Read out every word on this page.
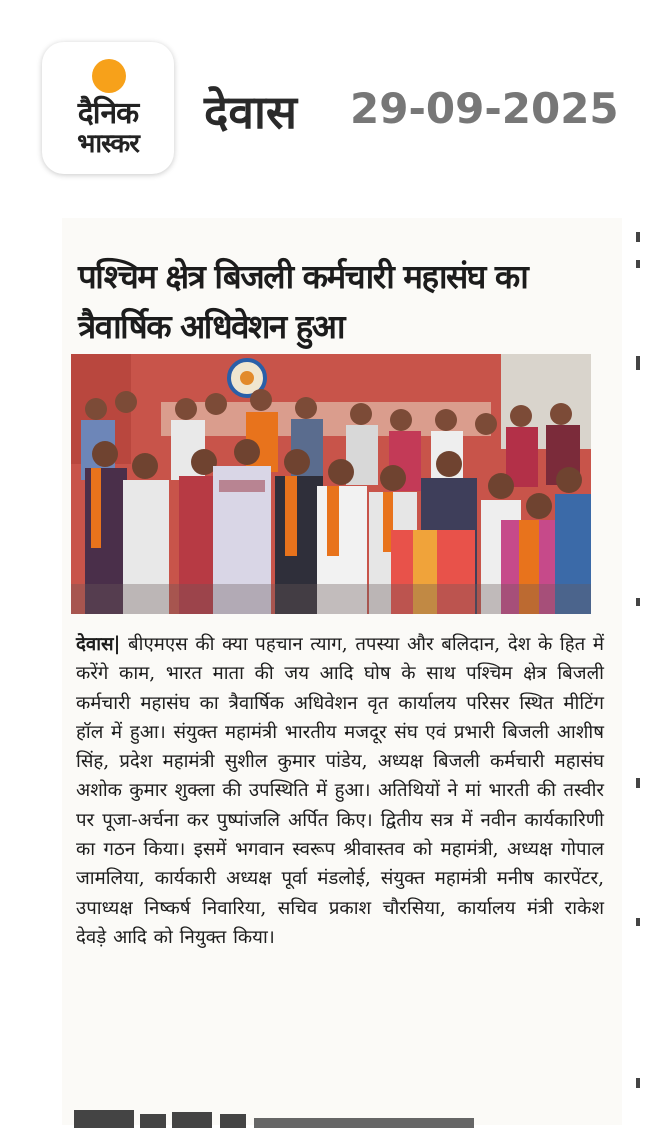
दैनिक
भास्कर
देवास 29-09-2025
पश्चिम क्षेत्र बिजली कर्मचारी महासंघ का त्रैवार्षिक अधिवेशन हुआ
देवास| बीएमएस की क्या पहचान त्याग, तपस्या और बलिदान, देश के हित में करेंगे काम, भारत माता की जय आदि घोष के साथ पश्चिम क्षेत्र बिजली कर्मचारी महासंघ का त्रैवार्षिक अधिवेशन वृत कार्यालय परिसर स्थित मीटिंग हॉल में हुआ। संयुक्त महामंत्री भारतीय मजदूर संघ एवं प्रभारी बिजली आशीष सिंह, प्रदेश महामंत्री सुशील कुमार पांडेय, अध्यक्ष बिजली कर्मचारी महासंघ अशोक कुमार शुक्ला की उपस्थिति में हुआ। अतिथियों ने मां भारती की तस्वीर पर पूजा-अर्चना कर पुष्पांजलि अर्पित किए। द्वितीय सत्र में नवीन कार्यकारिणी का गठन किया। इसमें भगवान स्वरूप श्रीवास्तव को महामंत्री, अध्यक्ष गोपाल जामलिया, कार्यकारी अध्यक्ष पूर्वा मंडलोई, संयुक्त महामंत्री मनीष कारपेंटर, उपाध्यक्ष निष्कर्ष निवारिया, सचिव प्रकाश चौरसिया, कार्यालय मंत्री राकेश देवड़े आदि को नियुक्त किया।
